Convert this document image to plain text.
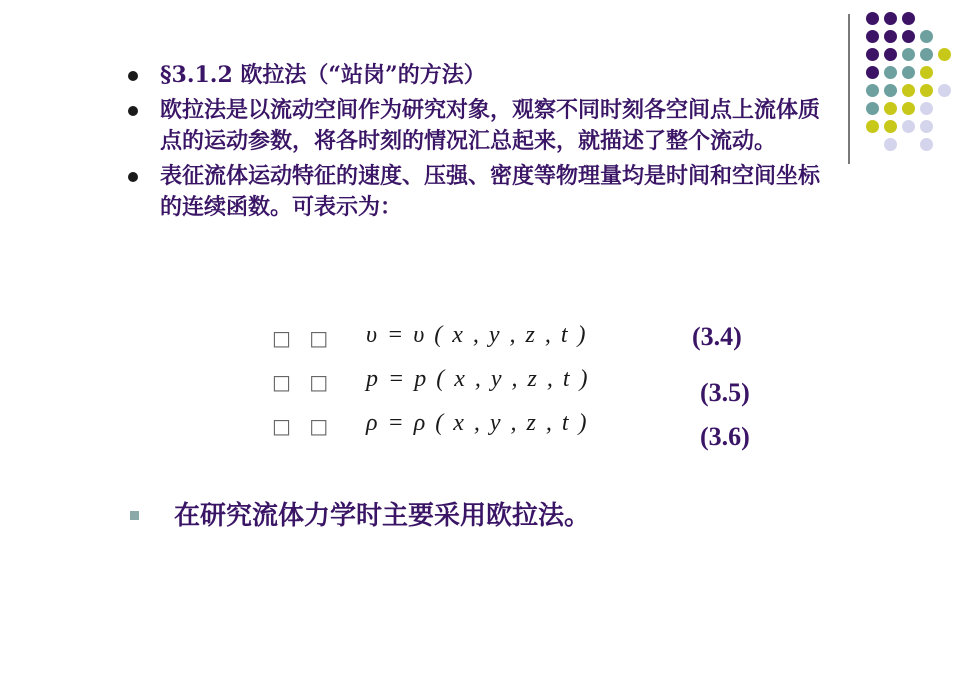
§3.1.2 欧拉法（“站岗”的方法）
欧拉法是以流动空间作为研究对象，观察不同时刻各空间点上流体质点的运动参数，将各时刻的情况汇总起来，就描述了整个流动。
表征流体运动特征的速度、压强、密度等物理量均是时间和空间坐标的连续函数。可表示为：
□ □ υ = υ ( x , y , z , t )	(3.4)
□ □ p = p ( x , y , z , t )	(3.5)
□ □ ρ = ρ ( x , y , z , t )	(3.6)
在研究流体力学时主要采用欧拉法。
